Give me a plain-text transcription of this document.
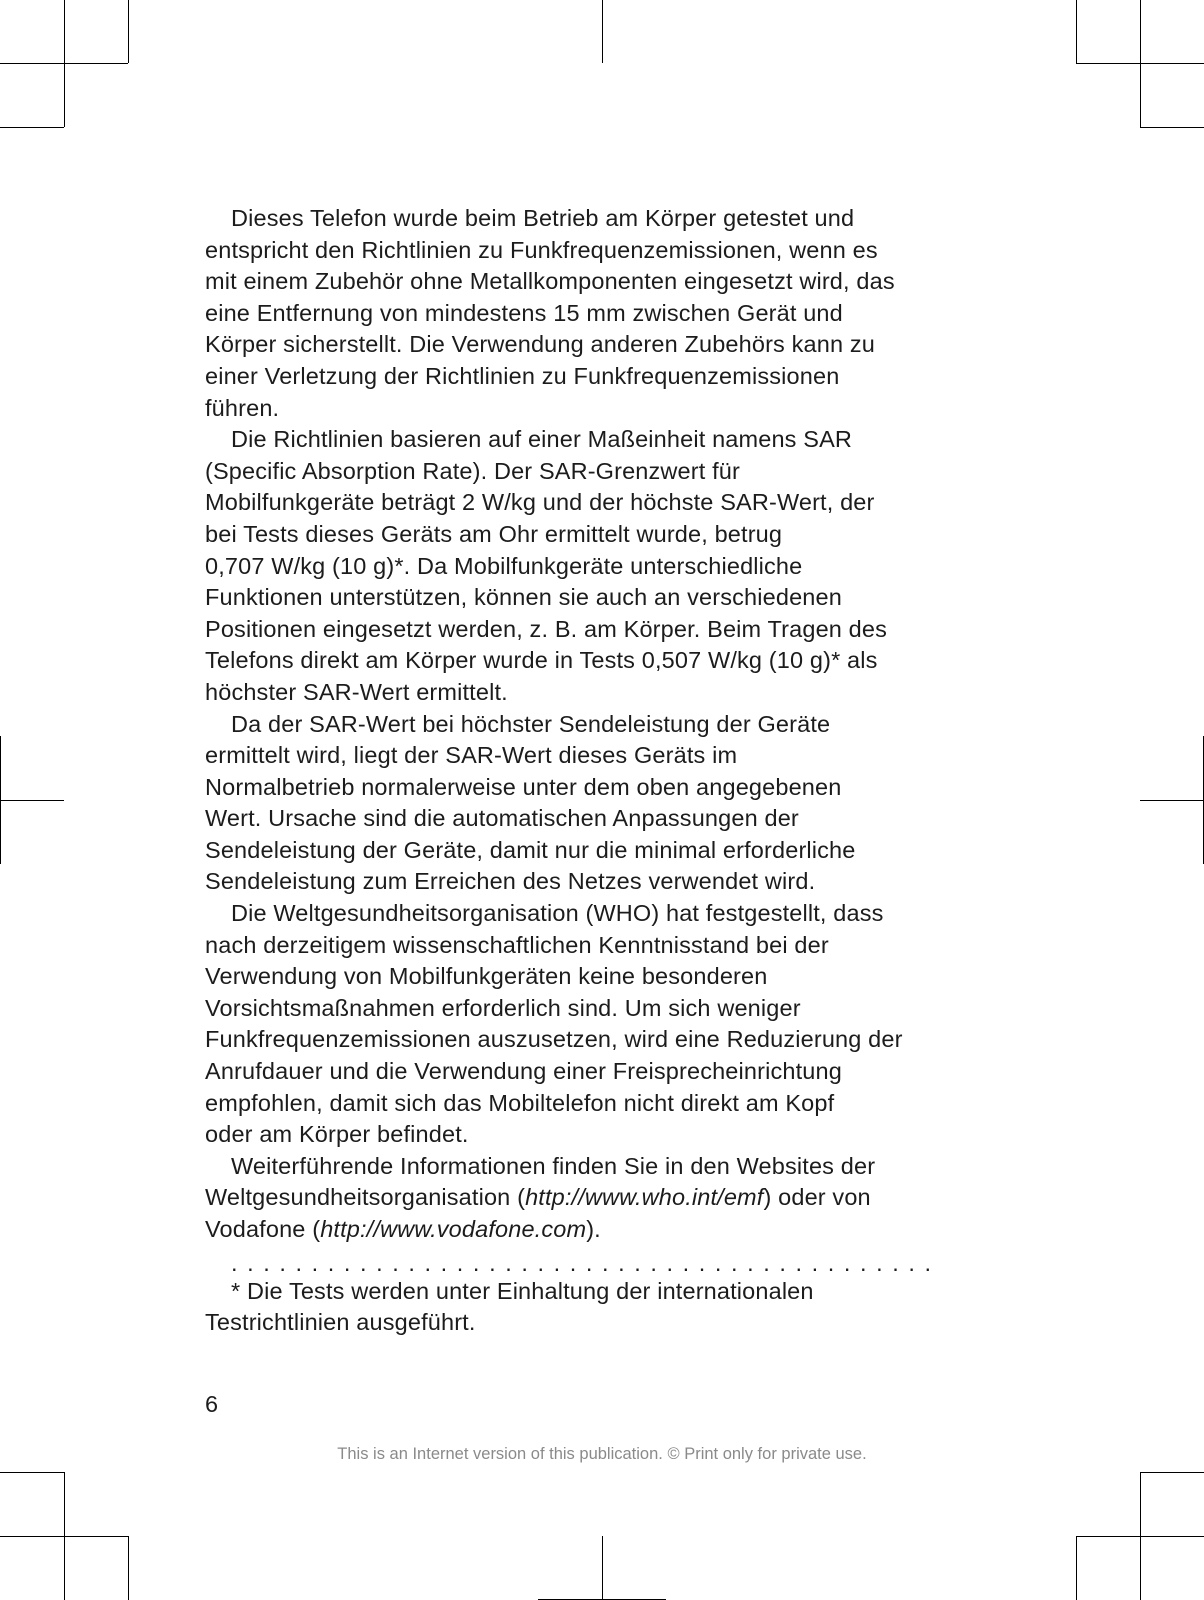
Dieses Telefon wurde beim Betrieb am Körper getestet und
entspricht den Richtlinien zu Funkfrequenzemissionen, wenn es
mit einem Zubehör ohne Metallkomponenten eingesetzt wird, das
eine Entfernung von mindestens 15 mm zwischen Gerät und
Körper sicherstellt. Die Verwendung anderen Zubehörs kann zu
einer Verletzung der Richtlinien zu Funkfrequenzemissionen
führen.
Die Richtlinien basieren auf einer Maßeinheit namens SAR
(Specific Absorption Rate). Der SAR-Grenzwert für
Mobilfunkgeräte beträgt 2 W/kg und der höchste SAR-Wert, der
bei Tests dieses Geräts am Ohr ermittelt wurde, betrug
0,707 W/kg (10 g)*. Da Mobilfunkgeräte unterschiedliche
Funktionen unterstützen, können sie auch an verschiedenen
Positionen eingesetzt werden, z. B. am Körper. Beim Tragen des
Telefons direkt am Körper wurde in Tests 0,507 W/kg (10 g)* als
höchster SAR-Wert ermittelt.
Da der SAR-Wert bei höchster Sendeleistung der Geräte
ermittelt wird, liegt der SAR-Wert dieses Geräts im
Normalbetrieb normalerweise unter dem oben angegebenen
Wert. Ursache sind die automatischen Anpassungen der
Sendeleistung der Geräte, damit nur die minimal erforderliche
Sendeleistung zum Erreichen des Netzes verwendet wird.
Die Weltgesundheitsorganisation (WHO) hat festgestellt, dass
nach derzeitigem wissenschaftlichen Kenntnisstand bei der
Verwendung von Mobilfunkgeräten keine besonderen
Vorsichtsmaßnahmen erforderlich sind. Um sich weniger
Funkfrequenzemissionen auszusetzen, wird eine Reduzierung der
Anrufdauer und die Verwendung einer Freisprecheinrichtung
empfohlen, damit sich das Mobiltelefon nicht direkt am Kopf
oder am Körper befindet.
Weiterführende Informationen finden Sie in den Websites der
Weltgesundheitsorganisation (http://www.who.int/emf) oder von
Vodafone (http://www.vodafone.com).
............................................
* Die Tests werden unter Einhaltung der internationalen
Testrichtlinien ausgeführt.
6
This is an Internet version of this publication. © Print only for private use.
